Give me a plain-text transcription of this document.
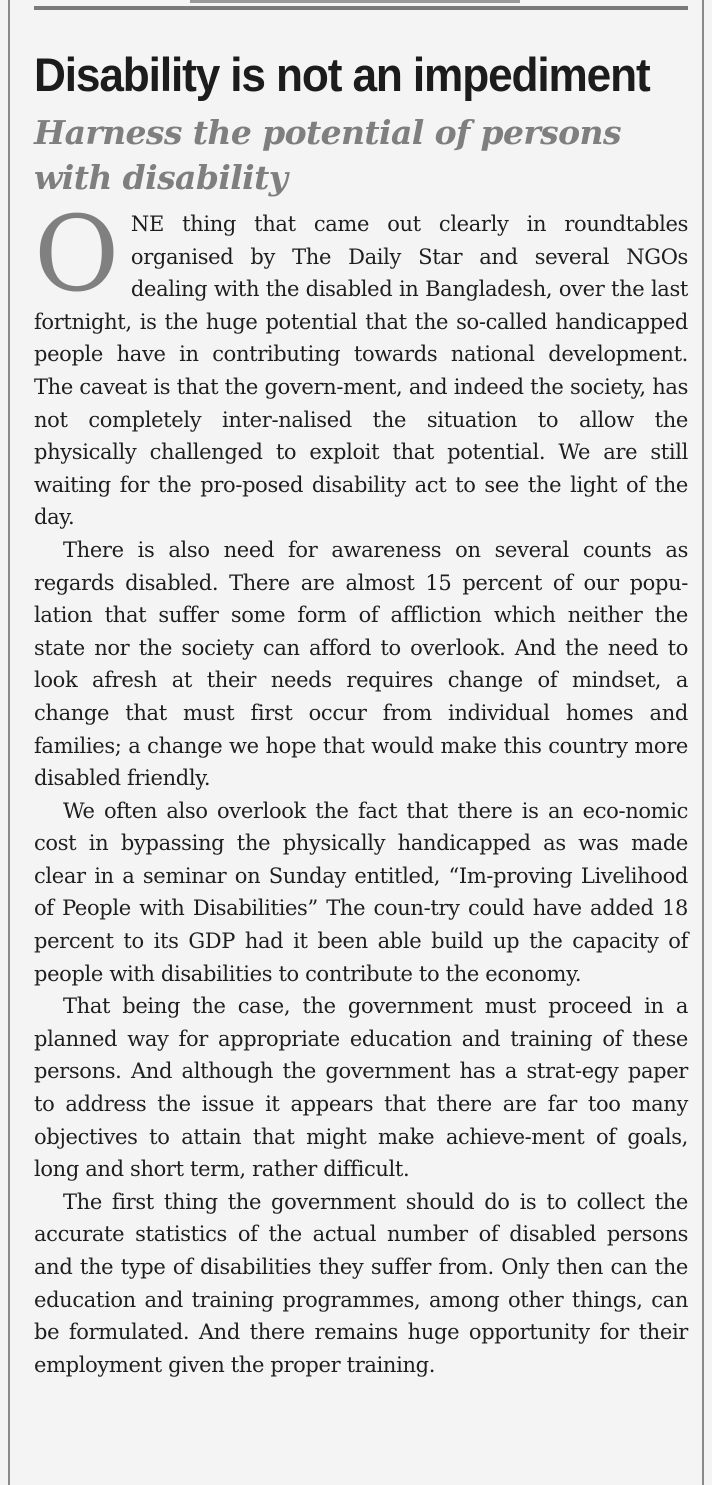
Disability is not an impediment
Harness the potential of persons with disability

ONE thing that came out clearly in roundtables organised by The Daily Star and several NGOs dealing with the disabled in Bangladesh, over the last fortnight, is the huge potential that the so-called handicapped people have in contributing towards national development. The caveat is that the govern-ment, and indeed the society, has not completely inter-nalised the situation to allow the physically challenged to exploit that potential. We are still waiting for the pro-posed disability act to see the light of the day.

There is also need for awareness on several counts as regards disabled. There are almost 15 percent of our popu-lation that suffer some form of affliction which neither the state nor the society can afford to overlook. And the need to look afresh at their needs requires change of mindset, a change that must first occur from individual homes and families; a change we hope that would make this country more disabled friendly.

We often also overlook the fact that there is an eco-nomic cost in bypassing the physically handicapped as was made clear in a seminar on Sunday entitled, “Im-proving Livelihood of People with Disabilities” The coun-try could have added 18 percent to its GDP had it been able build up the capacity of people with disabilities to contribute to the economy.

That being the case, the government must proceed in a planned way for appropriate education and training of these persons. And although the government has a strat-egy paper to address the issue it appears that there are far too many objectives to attain that might make achieve-ment of goals, long and short term, rather difficult.

The first thing the government should do is to collect the accurate statistics of the actual number of disabled persons and the type of disabilities they suffer from. Only then can the education and training programmes, among other things, can be formulated. And there remains huge opportunity for their employment given the proper training.
